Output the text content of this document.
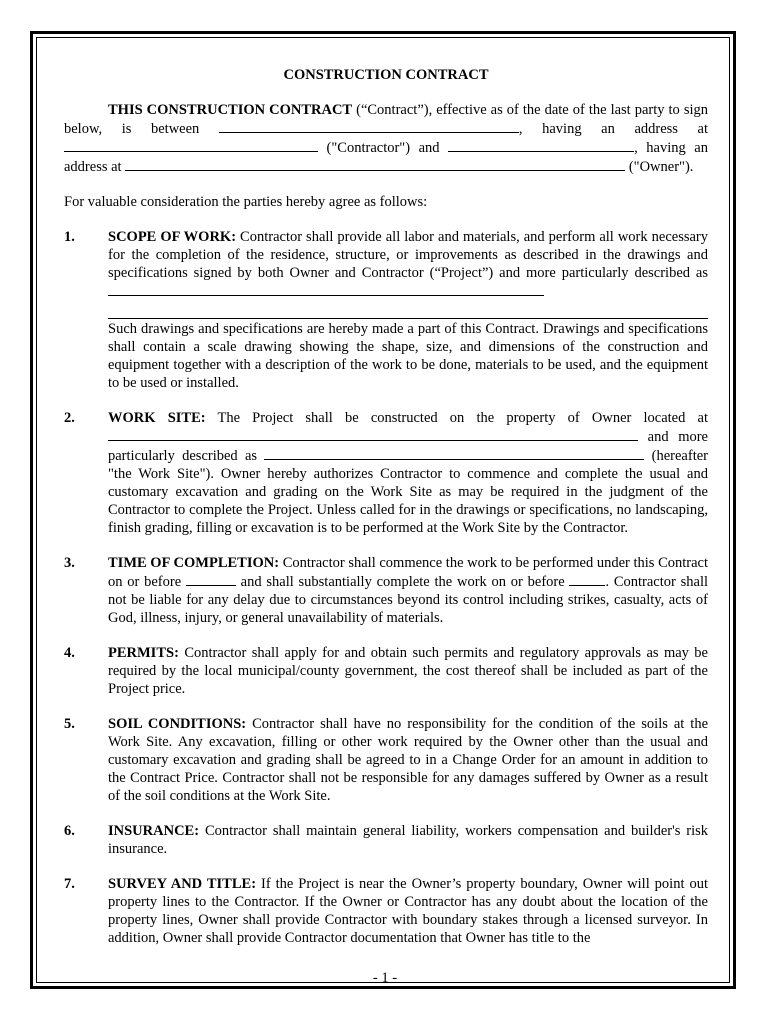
CONSTRUCTION CONTRACT

THIS CONSTRUCTION CONTRACT (“Contract”), effective as of the date of the last party to sign below, is between	, having an address at  ("Contractor") and	, having an address at	("Owner").

For valuable consideration the parties hereby agree as follows:

1. SCOPE OF WORK: Contractor shall provide all labor and materials, and perform all work necessary for the completion of the residence, structure, or improvements as described in the drawings and specifications signed by both Owner and Contractor (“Project”) and more particularly described as

Such drawings and specifications are hereby made a part of this Contract. Drawings and specifications shall contain a scale drawing showing the shape, size, and dimensions of the construction and equipment together with a description of the work to be done, materials to be used, and the equipment to be used or installed.

2. WORK SITE: The Project shall be constructed on the property of Owner located at  and more particularly described as	(hereafter "the Work Site"). Owner hereby authorizes Contractor to commence and complete the usual and customary excavation and grading on the Work Site as may be required in the judgment of the Contractor to complete the Project. Unless called for in the drawings or specifications, no landscaping, finish grading, filling or excavation is to be performed at the Work Site by the Contractor.

3. TIME OF COMPLETION: Contractor shall commence the work to be performed under this Contract on or before	and shall substantially complete the work on or before . Contractor shall not be liable for any delay due to circumstances beyond its control including strikes, casualty, acts of God, illness, injury, or general unavailability of materials.

4. PERMITS: Contractor shall apply for and obtain such permits and regulatory approvals as may be required by the local municipal/county government, the cost thereof shall be included as part of the Project price.

5. SOIL CONDITIONS: Contractor shall have no responsibility for the condition of the soils at the Work Site. Any excavation, filling or other work required by the Owner other than the usual and customary excavation and grading shall be agreed to in a Change Order for an amount in addition to the Contract Price. Contractor shall not be responsible for any damages suffered by Owner as a result of the soil conditions at the Work Site.

6. INSURANCE: Contractor shall maintain general liability, workers compensation and builder's risk insurance.

7. SURVEY AND TITLE: If the Project is near the Owner’s property boundary, Owner will point out property lines to the Contractor. If the Owner or Contractor has any doubt about the location of the property lines, Owner shall provide Contractor with boundary stakes through a licensed surveyor. In addition, Owner shall provide Contractor documentation that Owner has title to the

- 1 -
